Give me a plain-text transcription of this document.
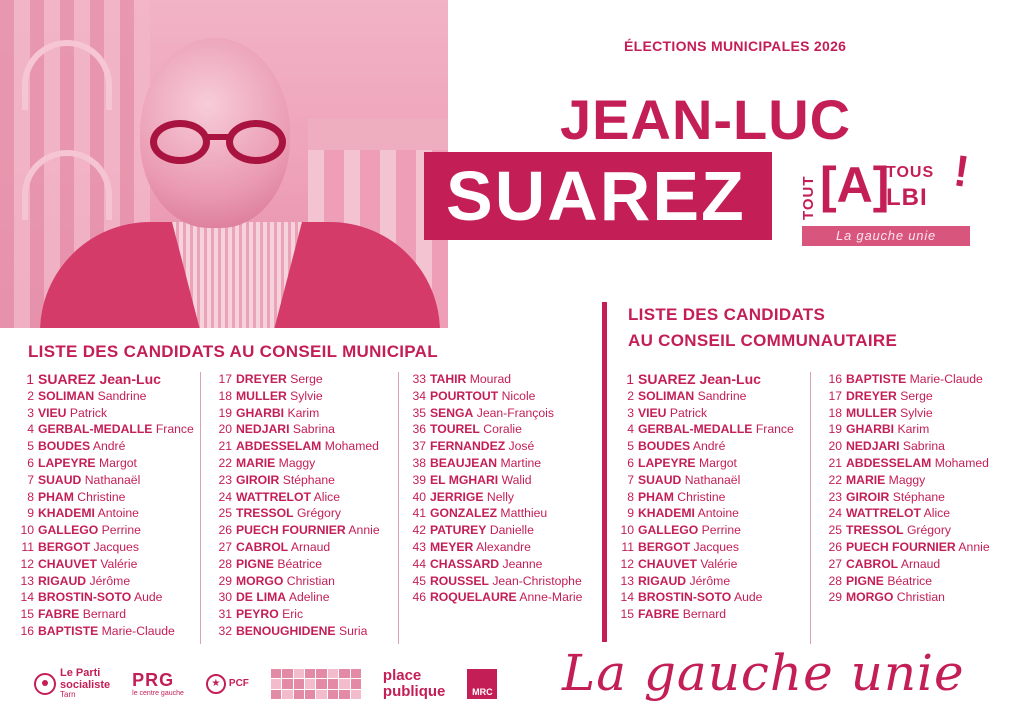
ÉLECTIONS MUNICIPALES 2026
JEAN-LUC
SUAREZ	TOUT [A]
TOUS
LBI
!
La gauche unie
LISTE DES CANDIDATS AU CONSEIL MUNICIPAL
1 SUAREZ Jean-Luc
2 SOLIMAN Sandrine
3 VIEU Patrick
4 GERBAL-MEDALLE France
5 BOUDES André
6 LAPEYRE Margot
7 SUAUD Nathanaël
8 PHAM Christine
9 KHADEMI Antoine
10 GALLEGO Perrine
11 BERGOT Jacques
12 CHAUVET Valérie
13 RIGAUD Jérôme
14 BROSTIN-SOTO Aude
15 FABRE Bernard
16 BAPTISTE Marie-Claude
17 DREYER Serge
18 MULLER Sylvie
19 GHARBI Karim
20 NEDJARI Sabrina
21 ABDESSELAM Mohamed
22 MARIE Maggy
23 GIROIR Stéphane
24 WATTRELOT Alice
25 TRESSOL Grégory
26 PUECH FOURNIER Annie
27 CABROL Arnaud
28 PIGNE Béatrice
29 MORGO Christian
30 DE LIMA Adeline
31 PEYRO Eric
32 BENOUGHIDENE Suria
33 TAHIR Mourad
34 POURTOUT Nicole
35 SENGA Jean-François
36 TOUREL Coralie
37 FERNANDEZ José
38 BEAUJEAN Martine
39 EL MGHARI Walid
40 JERRIGE Nelly
41 GONZALEZ Matthieu
42 PATUREY Danielle
43 MEYER Alexandre
44 CHASSARD Jeanne
45 ROUSSEL Jean-Christophe
46 ROQUELAURE Anne-Marie
LISTE DES CANDIDATS
AU CONSEIL COMMUNAUTAIRE
1 SUAREZ Jean-Luc
2 SOLIMAN Sandrine
3 VIEU Patrick
4 GERBAL-MEDALLE France
5 BOUDES André
6 LAPEYRE Margot
7 SUAUD Nathanaël
8 PHAM Christine
9 KHADEMI Antoine
10 GALLEGO Perrine
11 BERGOT Jacques
12 CHAUVET Valérie
13 RIGAUD Jérôme
14 BROSTIN-SOTO Aude
15 FABRE Bernard
16 BAPTISTE Marie-Claude
17 DREYER Serge
18 MULLER Sylvie
19 GHARBI Karim
20 NEDJARI Sabrina
21 ABDESSELAM Mohamed
22 MARIE Maggy
23 GIROIR Stéphane
24 WATTRELOT Alice
25 TRESSOL Grégory
26 PUECH FOURNIER Annie
27 CABROL Arnaud
28 PIGNE Béatrice
29 MORGO Christian
Le Parti
socialiste
Tarn
PRG
le centre gauche
★ PCF	place
publique	MRC La gauche unie
